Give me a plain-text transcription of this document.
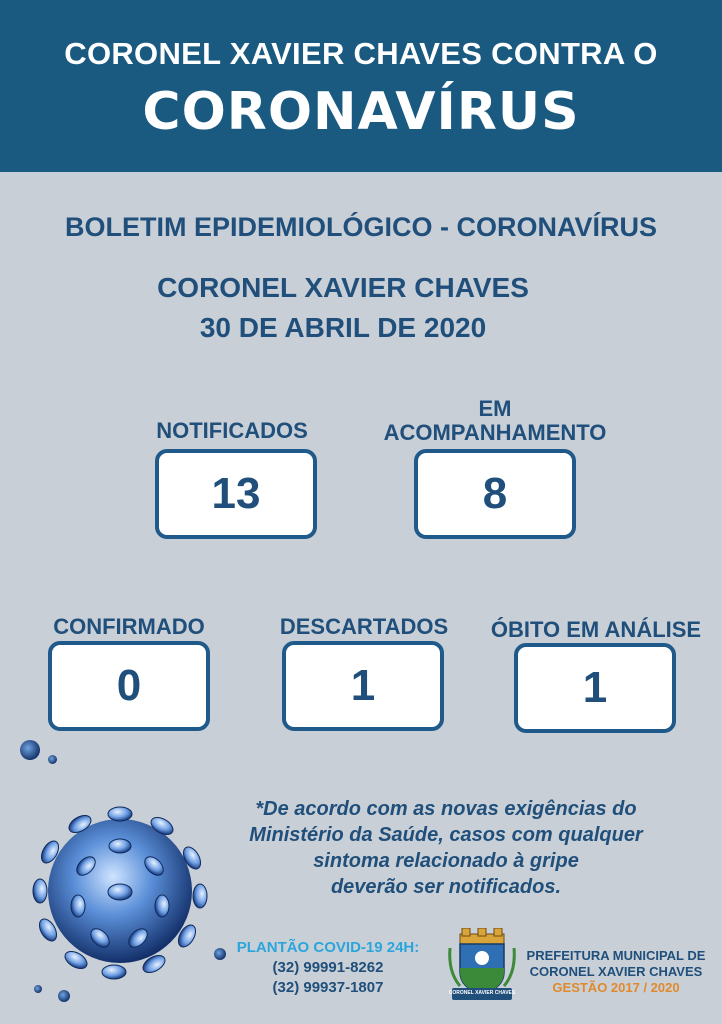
CORONEL XAVIER CHAVES CONTRA O
CORONAVÍRUS
BOLETIM EPIDEMIOLÓGICO - CORONAVÍRUS
CORONEL XAVIER CHAVES
30 DE ABRIL DE 2020
NOTIFICADOS
13
EM
ACOMPANHAMENTO
8
CONFIRMADO
0
DESCARTADOS
1
ÓBITO EM ANÁLISE
1
*De acordo com as novas exigências do
Ministério da Saúde, casos com qualquer
sintoma relacionado à gripe
deverão ser notificados.
PLANTÃO COVID-19 24H:
(32) 99991-8262
(32) 99937-1807	CORONEL XAVIER CHAVES
PREFEITURA MUNICIPAL DE
CORONEL XAVIER CHAVES
GESTÃO 2017 / 2020
